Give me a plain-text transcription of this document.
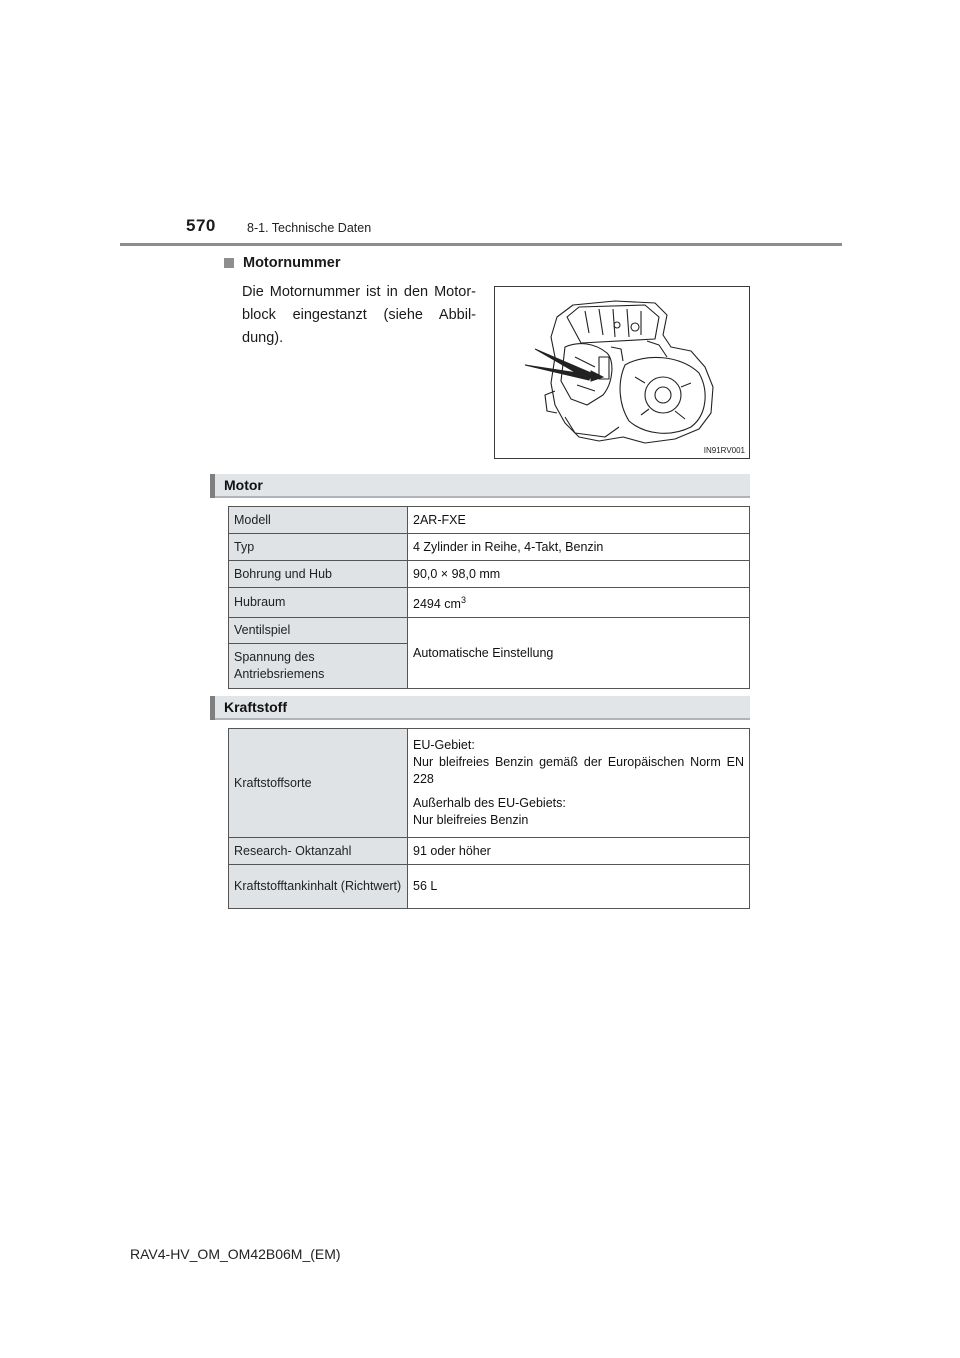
570 8-1. Technische Daten
Motornummer
Die Motornummer ist in den Motor-block eingestanzt (siehe Abbil-dung).
IN91RV001
Motor
Modell	2AR-FXE
Typ	4 Zylinder in Reihe, 4-Takt, Benzin
Bohrung und Hub	90,0 × 98,0 mm
Hubraum	2494 $cm^3$
Ventilspiel	Automatische Einstellung
Spannung des Antriebsriemens	
Kraftstoff
Kraftstoffsorte	EU-Gebiet:
Nur bleifreies Benzin gemäß der Europäischen Norm EN 228

Außerhalb des EU-Gebiets:
Nur bleifreies Benzin

Research- Oktanzahl	91 oder höher
Kraftstofftankinhalt (Richtwert)	56 L
RAV4-HV_OM_OM42B06M_(EM)
